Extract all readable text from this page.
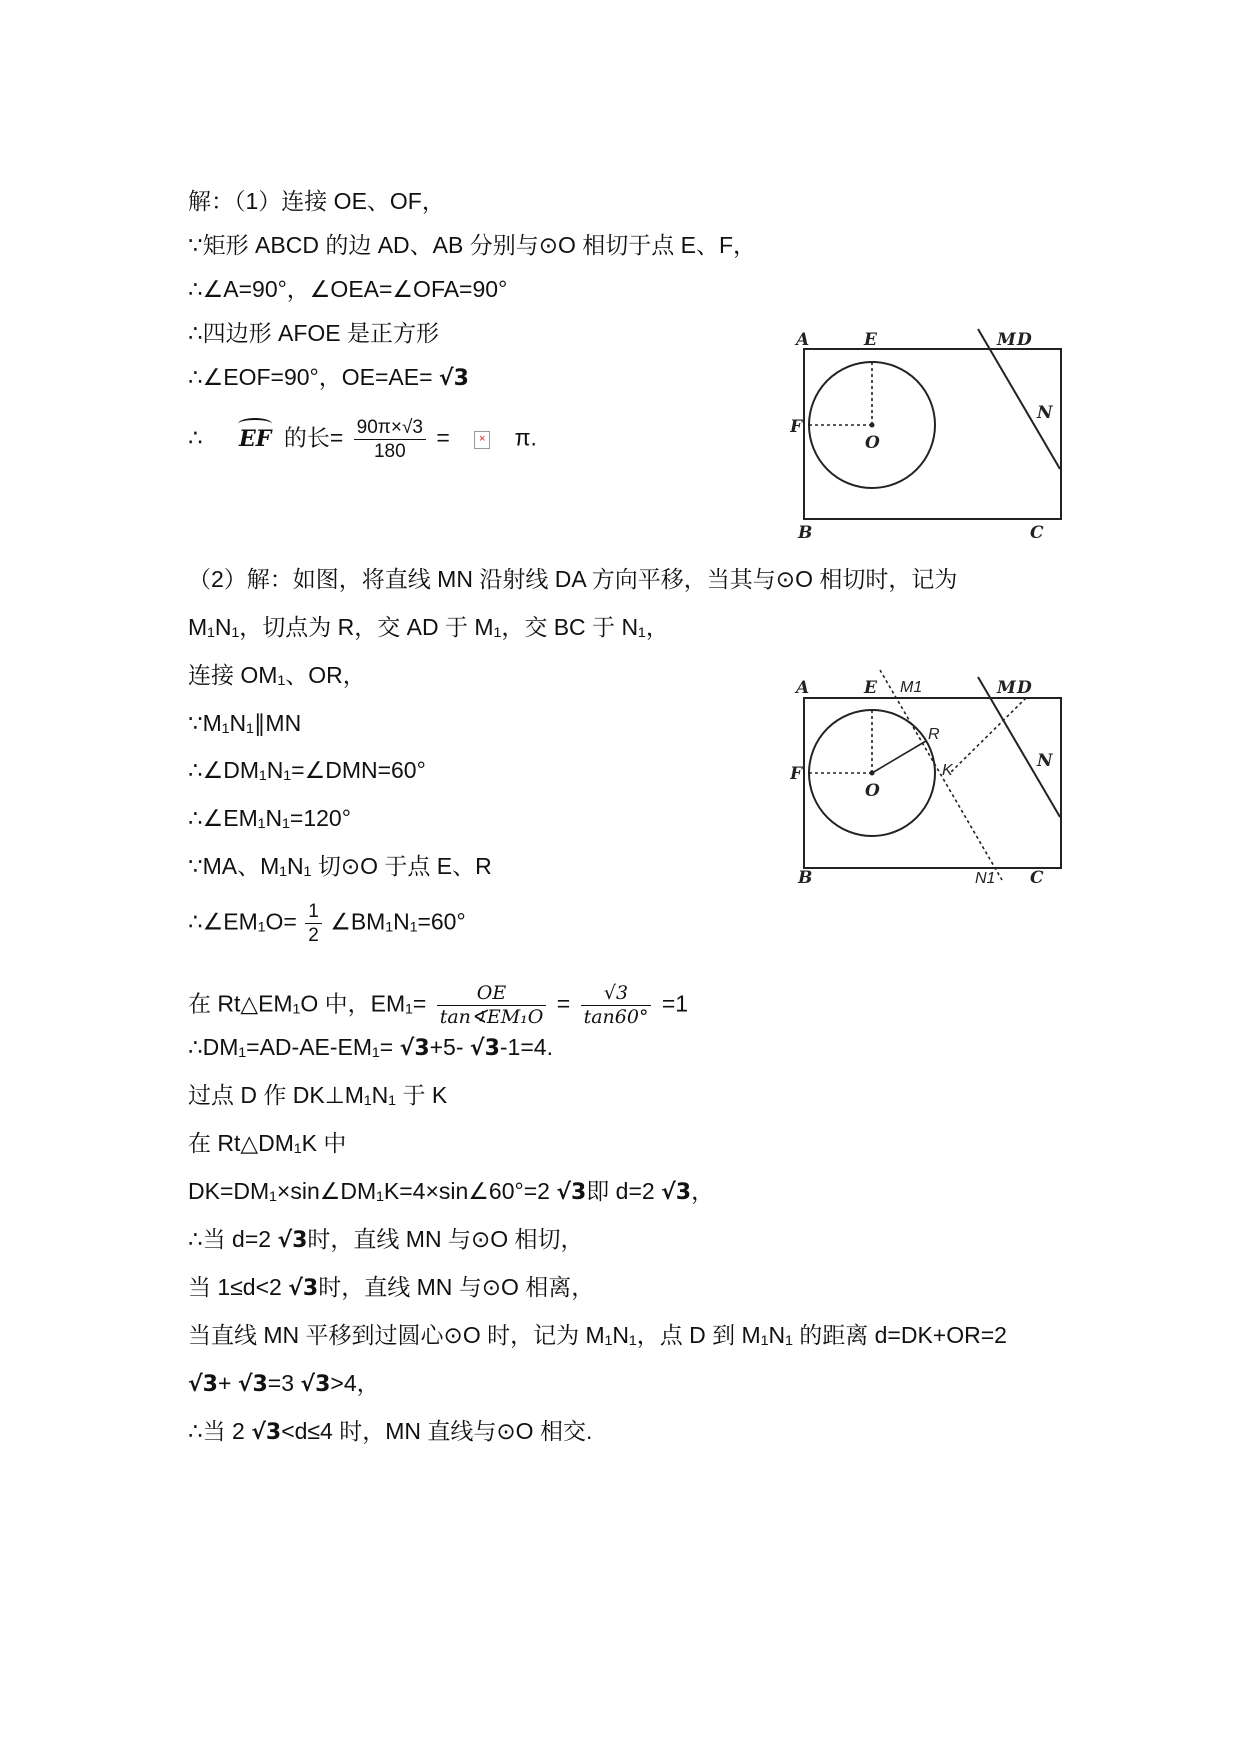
解：（1）连接 OE、OF，
∵矩形 ABCD 的边 AD、AB 分别与⊙O 相切于点 E、F，
∴∠A=90°，∠OEA=∠OFA=90°
∴四边形 AFOE 是正方形
∴∠EOF=90°，OE=AE= √3
∴ EF 的长= $\frac{90\pi\times√3}{180}$ =	× π.
A	E	M D
F
O
N
B	C
（2）解：如图，将直线 MN 沿射线 DA 方向平移，当其与⊙O 相切时，记为
M₁N₁，切点为 R，交 AD 于 M₁，交 BC 于 N₁，
连接 OM₁、OR，
∵M₁N₁∥MN
∴∠DM₁N₁=∠DMN=60°
∴∠EM₁N₁=120°
∵MA、M₁N₁ 切⊙O 于点 E、R
∴∠EM₁O= $\frac{1}{2}$ ∠BM₁N₁=60°
在 Rt△EM₁O 中，$EM_1= \frac{OE}{\text{tan∢EM₁O}} = \frac{√3}{\tan 60^\circ} =1$
∴DM₁=AD-AE-EM₁= √3+5- √3-1=4.
过点 D 作 DK⊥M₁N₁ 于 K
在 Rt△DM₁K 中
DK=DM₁×sin∠DM₁K=4×sin∠60°=2 √3即 d=2 √3，
∴当 d=2 √3时，直线 MN 与⊙O 相切，
当 1≤d<2 √3时，直线 MN 与⊙O 相离，
当直线 MN 平移到过圆心⊙O 时，记为 M₁N₁，点 D 到 M₁N₁ 的距离 d=DK+OR=2
√3+ √3=3 √3>4，
∴当 2 √3<d≤4 时，MN 直线与⊙O 相交.
A	E M1	M D
R
F
O
K	N
B	N1 C
